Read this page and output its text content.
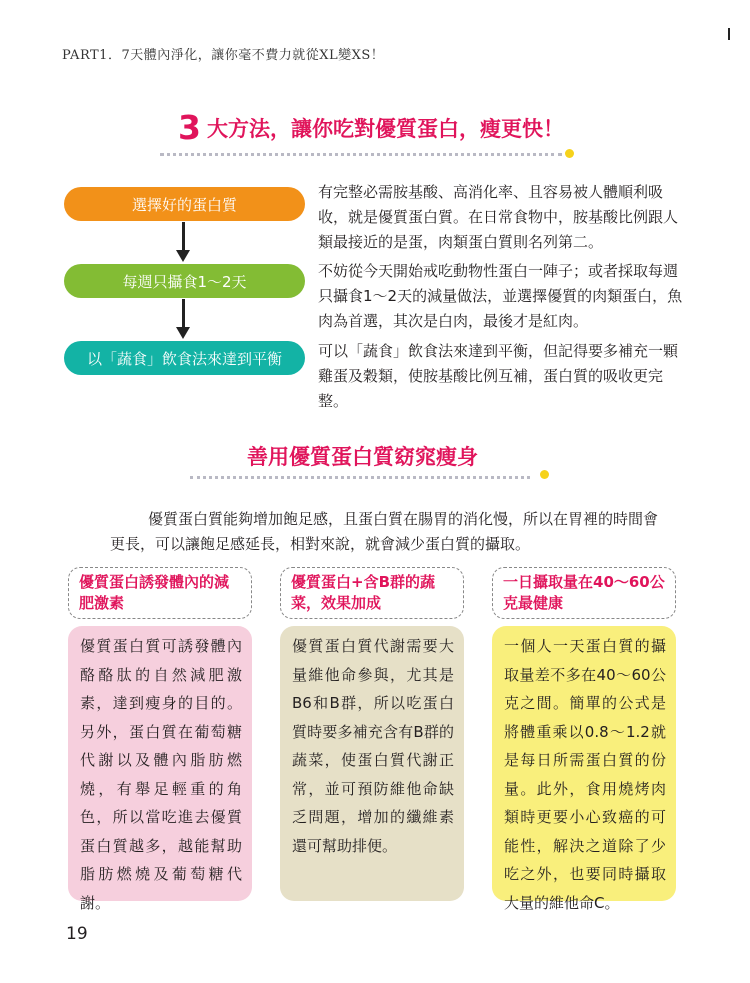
PART1．7天體內淨化，讓你毫不費力就從XL變XS！
3 大方法，讓你吃對優質蛋白，瘦更快！
選擇好的蛋白質
每週只攝食1～2天
以「蔬食」飲食法來達到平衡
有完整必需胺基酸、高消化率、且容易被人體順利吸收，就是優質蛋白質。在日常食物中，胺基酸比例跟人類最接近的是蛋，肉類蛋白質則名列第二。
不妨從今天開始戒吃動物性蛋白一陣子；或者採取每週只攝食1～2天的減量做法，並選擇優質的肉類蛋白，魚肉為首選，其次是白肉，最後才是紅肉。
可以「蔬食」飲食法來達到平衡，但記得要多補充一顆雞蛋及穀類，使胺基酸比例互補，蛋白質的吸收更完整。
善用優質蛋白質窈窕瘦身
優質蛋白質能夠增加飽足感，且蛋白質在腸胃的消化慢，所以在胃裡的時間會更長，可以讓飽足感延長，相對來說，就會減少蛋白質的攝取。
優質蛋白誘發體內的減肥激素
優質蛋白+含B群的蔬菜，效果加成
一日攝取量在40～60公克最健康
優質蛋白質可誘發體內酪酪肽的自然減肥激素，達到瘦身的目的。另外，蛋白質在葡萄糖代謝以及體內脂肪燃燒，有舉足輕重的角色，所以當吃進去優質蛋白質越多，越能幫助脂肪燃燒及葡萄糖代謝。
優質蛋白質代謝需要大量維他命參與，尤其是B6和B群，所以吃蛋白質時要多補充含有B群的蔬菜，使蛋白質代謝正常，並可預防維他命缺乏問題，增加的纖維素還可幫助排便。
一個人一天蛋白質的攝取量差不多在40～60公克之間。簡單的公式是將體重乘以0.8～1.2就是每日所需蛋白質的份量。此外，食用燒烤肉類時更要小心致癌的可能性，解決之道除了少吃之外，也要同時攝取大量的維他命C。
19
